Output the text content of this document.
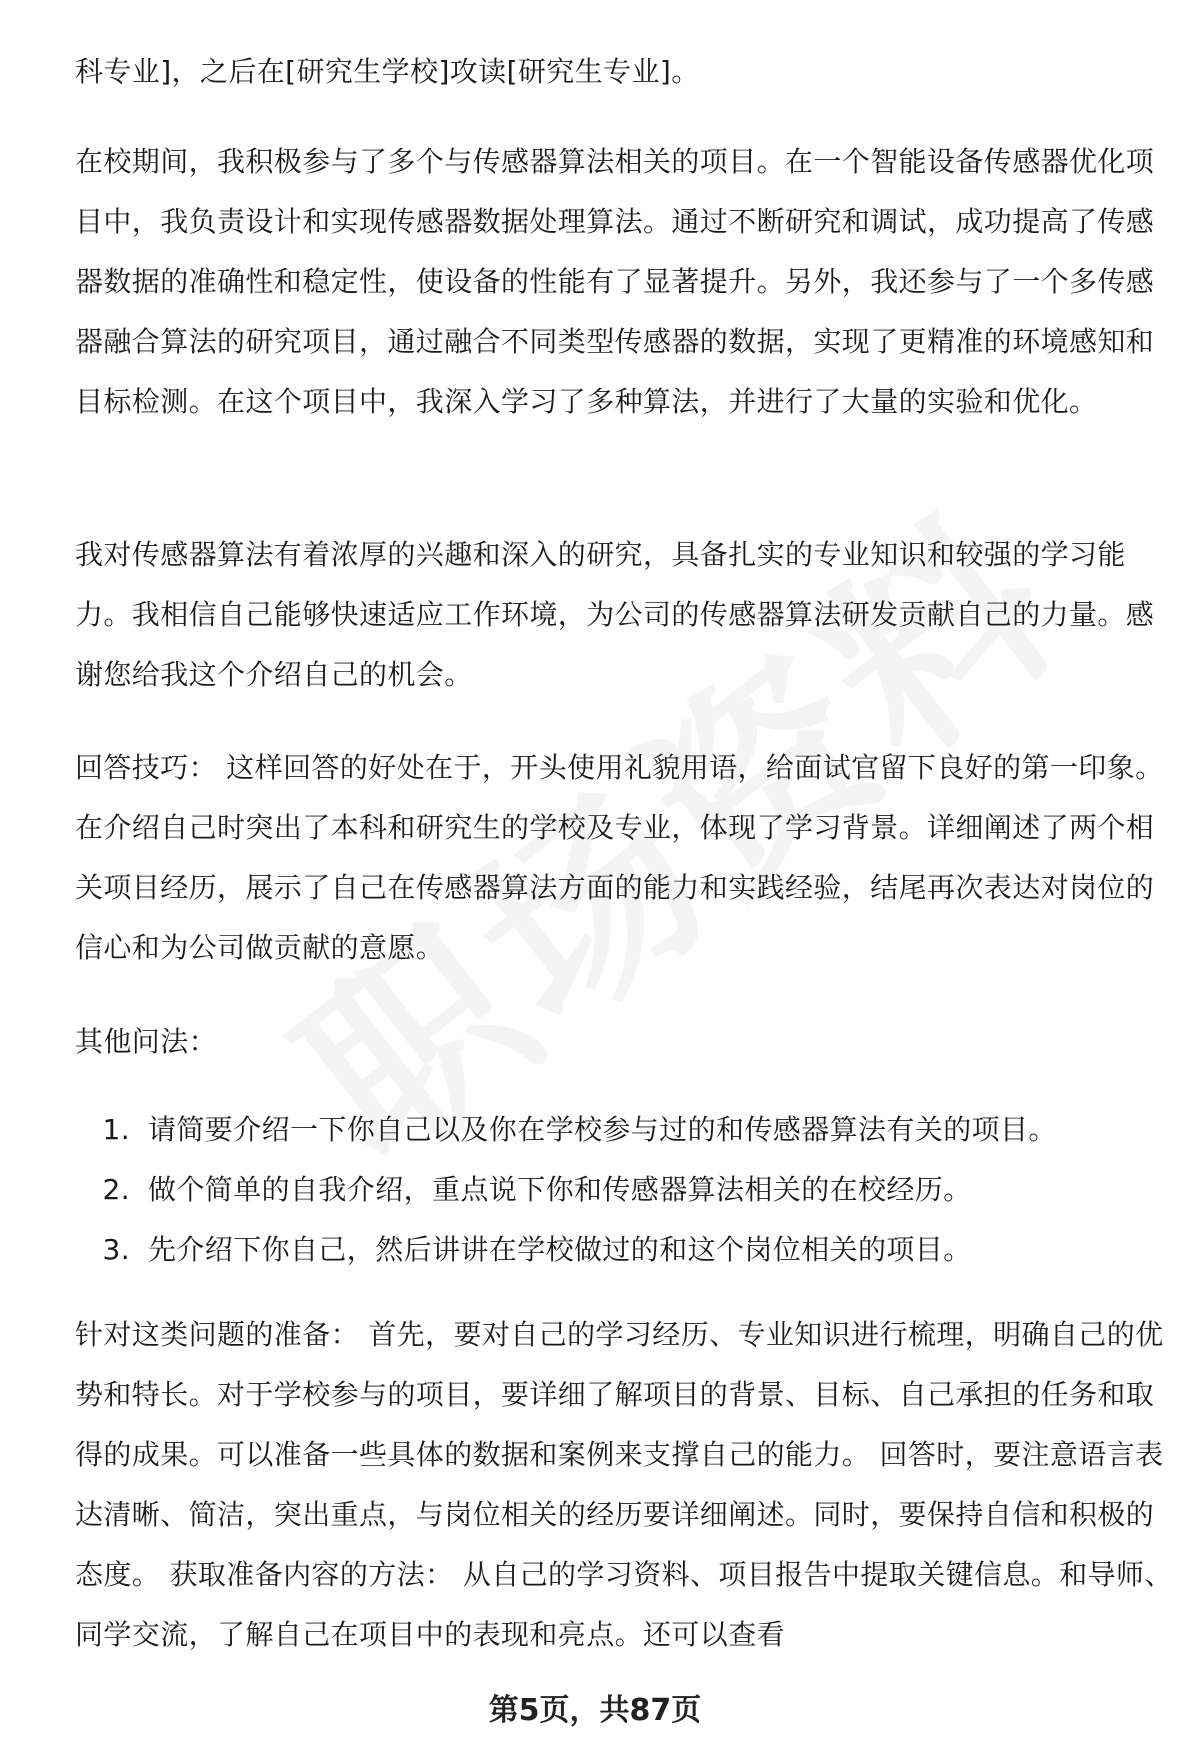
科专业]，之后在[研究生学校]攻读[研究生专业]。

在校期间，我积极参与了多个与传感器算法相关的项目。在一个智能设备传感器优化项目中，我负责设计和实现传感器数据处理算法。通过不断研究和调试，成功提高了传感器数据的准确性和稳定性，使设备的性能有了显著提升。另外，我还参与了一个多传感器融合算法的研究项目，通过融合不同类型传感器的数据，实现了更精准的环境感知和目标检测。在这个项目中，我深入学习了多种算法，并进行了大量的实验和优化。

我对传感器算法有着浓厚的兴趣和深入的研究，具备扎实的专业知识和较强的学习能力。我相信自己能够快速适应工作环境，为公司的传感器算法研发贡献自己的力量。感谢您给我这个介绍自己的机会。

回答技巧： 这样回答的好处在于，开头使用礼貌用语，给面试官留下良好的第一印象。在介绍自己时突出了本科和研究生的学校及专业，体现了学习背景。详细阐述了两个相关项目经历，展示了自己在传感器算法方面的能力和实践经验，结尾再次表达对岗位的信心和为公司做贡献的意愿。

其他问法：

1. 请简要介绍一下你自己以及你在学校参与过的和传感器算法有关的项目。
2. 做个简单的自我介绍，重点说下你和传感器算法相关的在校经历。
3. 先介绍下你自己，然后讲讲在学校做过的和这个岗位相关的项目。

针对这类问题的准备： 首先，要对自己的学习经历、专业知识进行梳理，明确自己的优势和特长。对于学校参与的项目，要详细了解项目的背景、目标、自己承担的任务和取得的成果。可以准备一些具体的数据和案例来支撑自己的能力。 回答时，要注意语言表达清晰、简洁，突出重点，与岗位相关的经历要详细阐述。同时，要保持自信和积极的态度。 获取准备内容的方法： 从自己的学习资料、项目报告中提取关键信息。和导师、同学交流，了解自己在项目中的表现和亮点。还可以查看

第5页，共87页
